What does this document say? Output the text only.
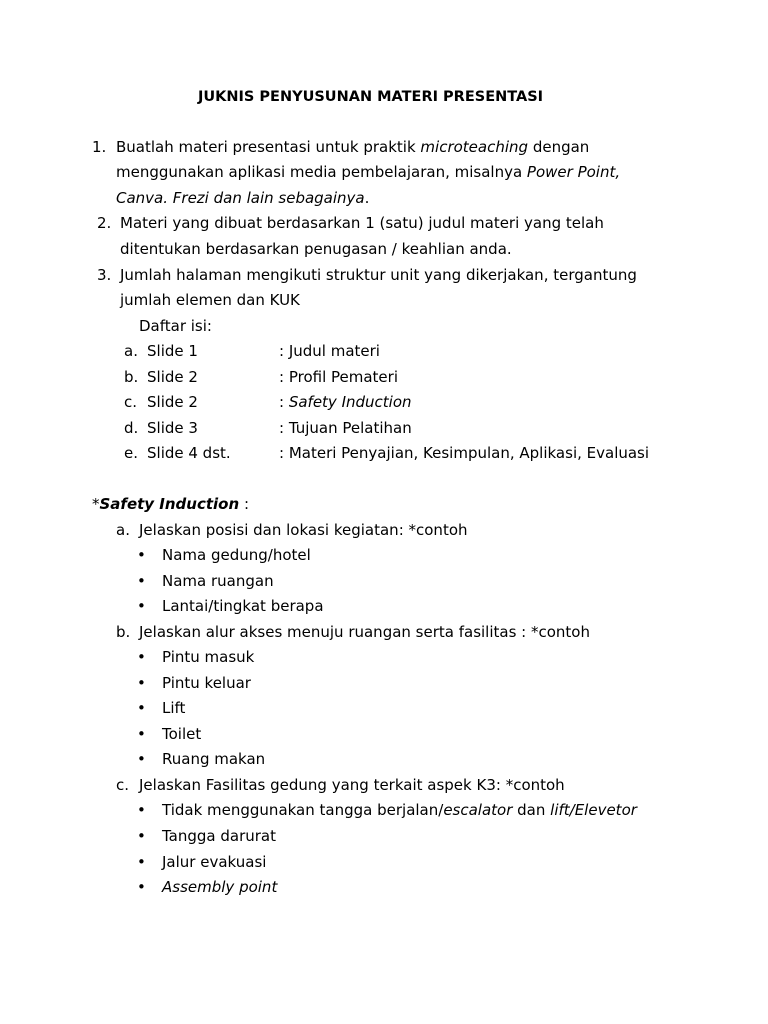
JUKNIS PENYUSUNAN MATERI PRESENTASI
1. Buatlah materi presentasi untuk praktik microteaching dengan
menggunakan aplikasi media pembelajaran, misalnya Power Point,
Canva. Frezi dan lain sebagainya.
2. Materi yang dibuat berdasarkan 1 (satu) judul materi yang telah
ditentukan berdasarkan penugasan / keahlian anda.
3. Jumlah halaman mengikuti struktur unit yang dikerjakan, tergantung
jumlah elemen dan KUK
Daftar isi:
a. Slide 1	: Judul materi
b. Slide 2	: Profil Pemateri
c. Slide 2	: Safety Induction
d. Slide 3	: Tujuan Pelatihan
e. Slide 4 dst.	: Materi Penyajian, Kesimpulan, Aplikasi, Evaluasi
*Safety Induction :
a. Jelaskan posisi dan lokasi kegiatan: *contoh
• Nama gedung/hotel
• Nama ruangan
• Lantai/tingkat berapa
b. Jelaskan alur akses menuju ruangan serta fasilitas : *contoh
• Pintu masuk
• Pintu keluar
• Lift
• Toilet
• Ruang makan
c. Jelaskan Fasilitas gedung yang terkait aspek K3: *contoh
• Tidak menggunakan tangga berjalan/escalator dan lift/Elevetor
• Tangga darurat
• Jalur evakuasi
• Assembly point
